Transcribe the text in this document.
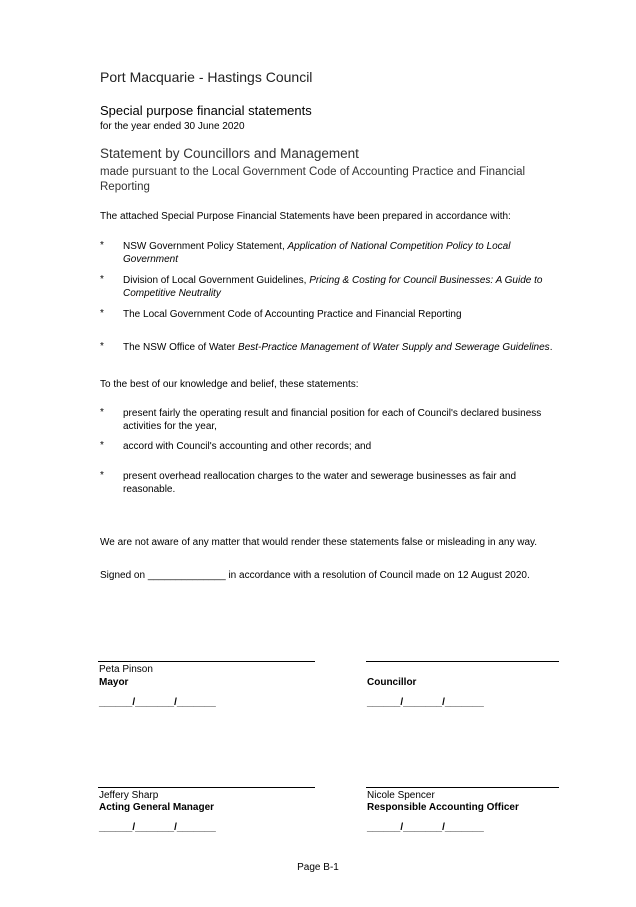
Port Macquarie - Hastings Council
Special purpose financial statements
for the year ended 30 June 2020
Statement by Councillors and Management
made pursuant to the Local Government Code of Accounting Practice and Financial Reporting
The attached Special Purpose Financial Statements have been prepared in accordance with:
* NSW Government Policy Statement, Application of National Competition Policy to Local Government
* Division of Local Government Guidelines, Pricing & Costing for Council Businesses: A Guide to Competitive Neutrality
* The Local Government Code of Accounting Practice and Financial Reporting
* The NSW Office of Water Best-Practice Management of Water Supply and Sewerage Guidelines.
To the best of our knowledge and belief, these statements:
* present fairly the operating result and financial position for each of Council's declared business activities for the year,
* accord with Council's accounting and other records; and
* present overhead reallocation charges to the water and sewerage businesses as fair and reasonable.
We are not aware of any matter that would render these statements false or misleading in any way.
Signed on ______________ in accordance with a resolution of Council made on 12 August 2020.
Peta Pinson
Mayor
______/_______/_______
Councillor
______/_______/_______
Jeffery Sharp
Acting General Manager
______/_______/_______
Nicole Spencer
Responsible Accounting Officer
______/_______/_______
Page B-1
